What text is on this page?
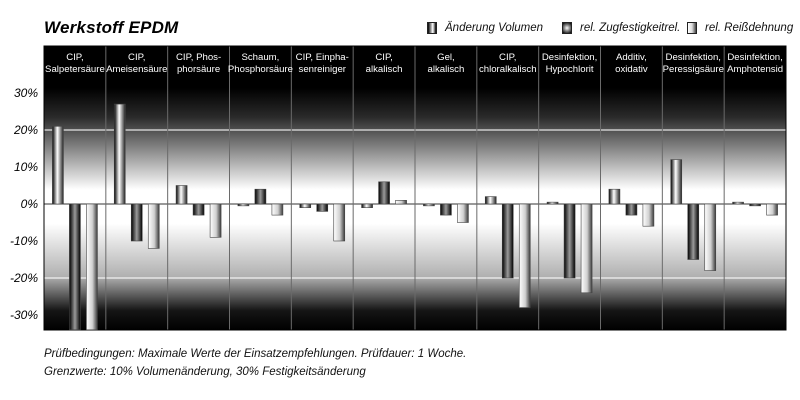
Werkstoff EPDM	Änderung Volumen	rel. Zugfestigkeitrel. rel. Reißdehnung
CIP, Salpetersäure
CIP, Ameisensäure
CIP, Phos-phorsäure
Schaum, Phosphorsäure
CIP, Einpha-senreiniger
CIP, alkalisch
Gel, alkalisch
CIP, chloralkalisch
Desinfektion, Hypochlorit
Additiv, oxidativ
Desinfektion, Peressigsäure
Desinfektion, Amphotensid
30%
20%
10%
0%
-10%
-20%
-30%
Prüfbedingungen: Maximale Werte der Einsatzempfehlungen. Prüfdauer: 1 Woche.
Grenzwerte: 10% Volumenänderung, 30% Festigkeitsänderung
